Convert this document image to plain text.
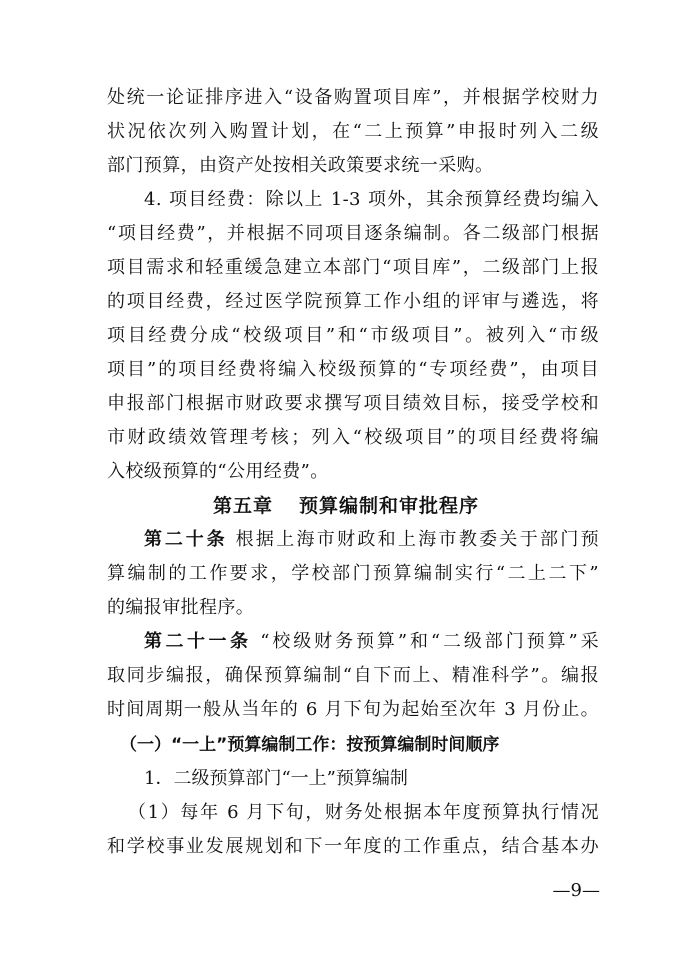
处统一论证排序进入“设备购置项目库”，并根据学校财力
状况依次列入购置计划，在“二上预算”申报时列入二级
部门预算，由资产处按相关政策要求统一采购。
4. 项目经费：除以上 1-3 项外，其余预算经费均编入
“项目经费”，并根据不同项目逐条编制。各二级部门根据
项目需求和轻重缓急建立本部门“项目库”，二级部门上报
的项目经费，经过医学院预算工作小组的评审与遴选，将
项目经费分成“校级项目”和“市级项目”。被列入“市级
项目”的项目经费将编入校级预算的“专项经费”，由项目
申报部门根据市财政要求撰写项目绩效目标，接受学校和
市财政绩效管理考核；列入“校级项目”的项目经费将编
入校级预算的“公用经费”。
第五章 预算编制和审批程序
第二十条 根据上海市财政和上海市教委关于部门预
算编制的工作要求，学校部门预算编制实行“二上二下”
的编报审批程序。
第二十一条 “校级财务预算”和“二级部门预算”采
取同步编报，确保预算编制“自下而上、精准科学”。编报
时间周期一般从当年的 6 月下旬为起始至次年 3 月份止。
（一）“一上”预算编制工作：按预算编制时间顺序
1．二级预算部门“一上”预算编制
（1）每年 6 月下旬，财务处根据本年度预算执行情况
和学校事业发展规划和下一年度的工作重点，结合基本办
—9—
